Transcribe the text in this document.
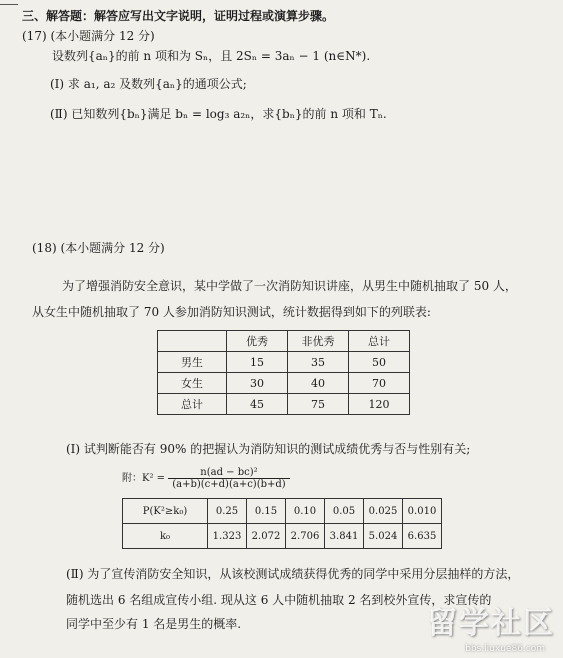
三、解答题：解答应写出文字说明，证明过程或演算步骤。
(17) (本小题满分 12 分)
设数列{aₙ}的前 n 项和为 Sₙ，且 2Sₙ = 3aₙ − 1 (n∈N*).
(Ⅰ) 求 a₁, a₂ 及数列{aₙ}的通项公式;
(Ⅱ) 已知数列{bₙ}满足 bₙ = log₃ a₂ₙ，求{bₙ}的前 n 项和 Tₙ.
(18) (本小题满分 12 分)
为了增强消防安全意识，某中学做了一次消防知识讲座，从男生中随机抽取了 50 人，
从女生中随机抽取了 70 人参加消防知识测试，统计数据得到如下的列联表:
	优秀	非优秀	总计
男生	15	35	50
女生	30	40	70
总计	45	75	120
(Ⅰ) 试判断能否有 90% 的把握认为消防知识的测试成绩优秀与否与性别有关;
附：$K^2 = \frac{\text{n(ad − bc)²}}{(a+b)(c+d)(a+c)(b+d)}$
P(K²≥k₀)	0.25	0.15	0.10	0.05	0.025	0.010
k₀	1.323	2.072	2.706	3.841	5.024	6.635
(Ⅱ) 为了宣传消防安全知识，从该校测试成绩获得优秀的同学中采用分层抽样的方法，
随机选出 6 名组成宣传小组. 现从这 6 人中随机抽取 2 名到校外宣传，求宣传的
同学中至少有 1 名是男生的概率.	留学社区
bbs.liuxue86.com
